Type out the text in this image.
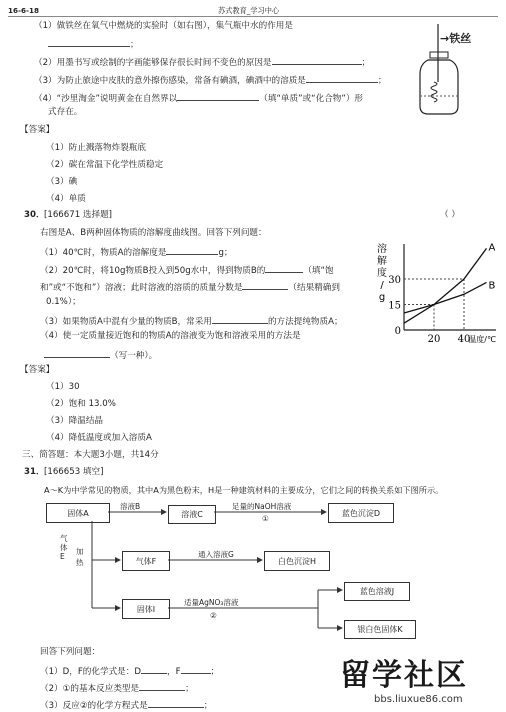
16-6-18	苏式教育_学习中心
（1）做铁丝在氧气中燃烧的实验时（如右图），集气瓶中水的作用是
；
（2）用墨书写或绘制的字画能够保存很长时间不变色的原因是	；
（3）为防止旅途中皮肤的意外擦伤感染，常备有碘酒，碘酒中的溶质是	；
（4）“沙里淘金”说明黄金在自然界以	（填“单质”或“化合物”）形
式存在。
→铁丝
【答案】
（1）防止溅落物炸裂瓶底
（2）碳在常温下化学性质稳定
（3）碘
（4）单质
30． [166671 选择题]	（ ）
右图是A、B两种固体物质的溶解度曲线图。回答下列问题：
（1）40℃时，物质A的溶解度是	g；
（2）20℃时，将10g物质B投入到50g水中，得到物质B的	（填“饱
和”或“不饱和”）溶液；此时溶液的溶质的质量分数是	（结果精确到
0.1%）；
（3）如果物质A中混有少量的物质B，常采用	的方法提纯物质A；
（4）使一定质量接近饱和的物质A的溶液变为饱和溶液采用的方法是
（写一种）。
30
15
0
20 40
溶
解
度
/
g
温度/℃
A
B
【答案】
（1）30
（2）饱和 13.0%
（3）降温结晶
（4）降低温度或加入溶质A
三、简答题：本大题3小题，共14分
31． [166653 填空]
A～K为中学常见的物质，其中A为黑色粉末，H是一种建筑材料的主要成分，它们之间的转换关系如下图所示。
固体A	溶液C	蓝色沉淀D
气体F	白色沉淀H
固体I
蓝色溶液J
银白色固体K
溶液B	足量的NaOH溶液
①
气体E
加热
通入溶液G
适量AgNO₃溶液
②
回答下列问题：
（1）D，F的化学式是：D	，F	；
（2）①的基本反应类型是	；
（3）反应②的化学方程式是	；
留学社区
bbs.liuxue86.com
